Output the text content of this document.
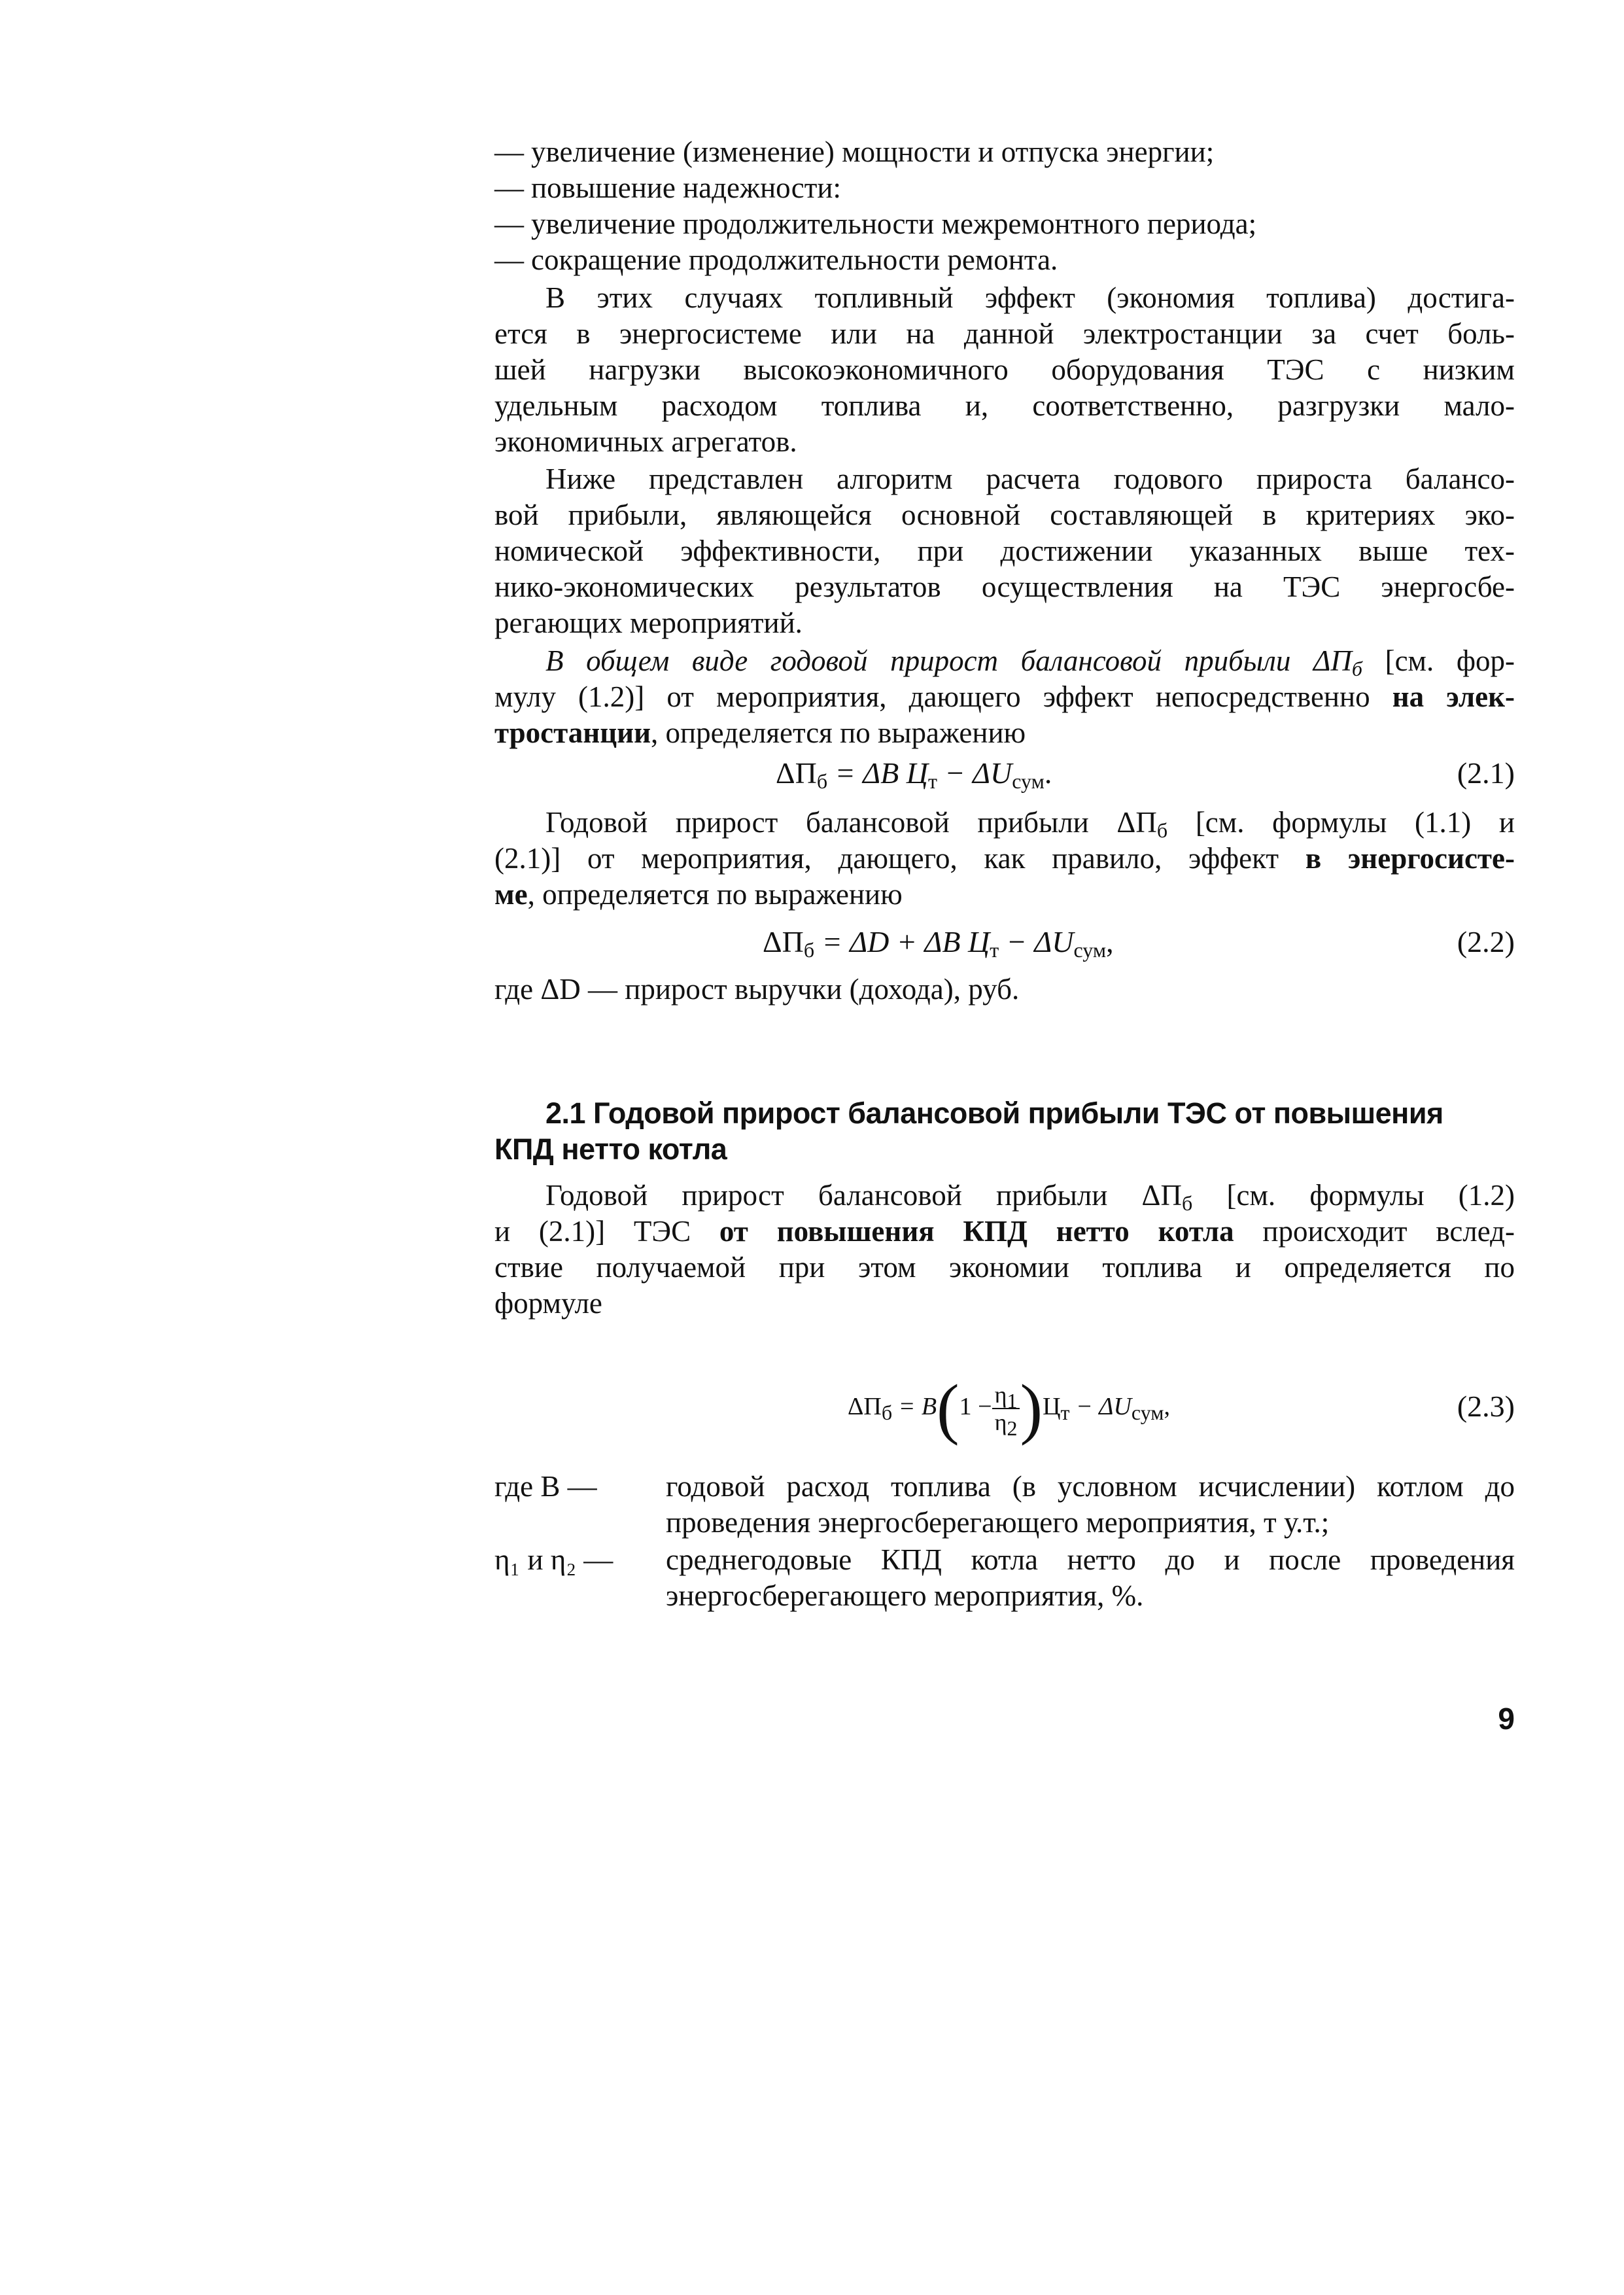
— увеличение (изменение) мощности и отпуска энергии;
— повышение надежности:
— увеличение продолжительности межремонтного периода;
— сокращение продолжительности ремонта.
В этих случаях топливный эффект (экономия топлива) достига-
ется в энергосистеме или на данной электростанции за счет боль-
шей нагрузки высокоэкономичного оборудования ТЭС с низким
удельным расходом топлива и, соответственно, разгрузки мало-
экономичных агрегатов.
Ниже представлен алгоритм расчета годового прироста балансо-
вой прибыли, являющейся основной составляющей в критериях эко-
номической эффективности, при достижении указанных выше тех-
нико-экономических результатов осуществления на ТЭС энергосбе-
регающих мероприятий.
В общем виде годовой прирост балансовой прибыли $\Delta П_б$ [см. фор-
мулу (1.2)] от мероприятия, дающего эффект непосредственно на элек-
тростанции, определяется по выражению
$\Delta П_б = \Delta B$ $Ц_т - \Delta U_{сум}$.	(2.1)
Годовой прирост балансовой прибыли $\Delta П_б$ [см. формулы (1.1) и
(2.1)] от мероприятия, дающего, как правило, эффект в энергосисте-
ме, определяется по выражению
$\Delta П_б = \Delta D + \Delta B$ $Ц_т - \Delta U_{сум}$,	(2.2)
где ΔD — прирост выручки (дохода), руб.
2.1 Годовой прирост балансовой прибыли ТЭС от повышения
КПД нетто котла
Годовой прирост балансовой прибыли $\Delta П_б$ [см. формулы (1.2)
и (2.1)] ТЭС от повышения КПД нетто котла происходит вслед-
ствие получаемой при этом экономии топлива и определяется по
формуле
$\Delta П_б = B(1 - \frac{\eta_1}{\eta_2} )Ц_т - \Delta U_{сум}$,	(2.3)
где B — годовой расход топлива (в условном исчислении) котлом до
проведения энергосберегающего мероприятия, т у.т.;
η₁ и η₂ — среднегодовые КПД котла нетто до и после проведения
энергосберегающего мероприятия, %.
9
